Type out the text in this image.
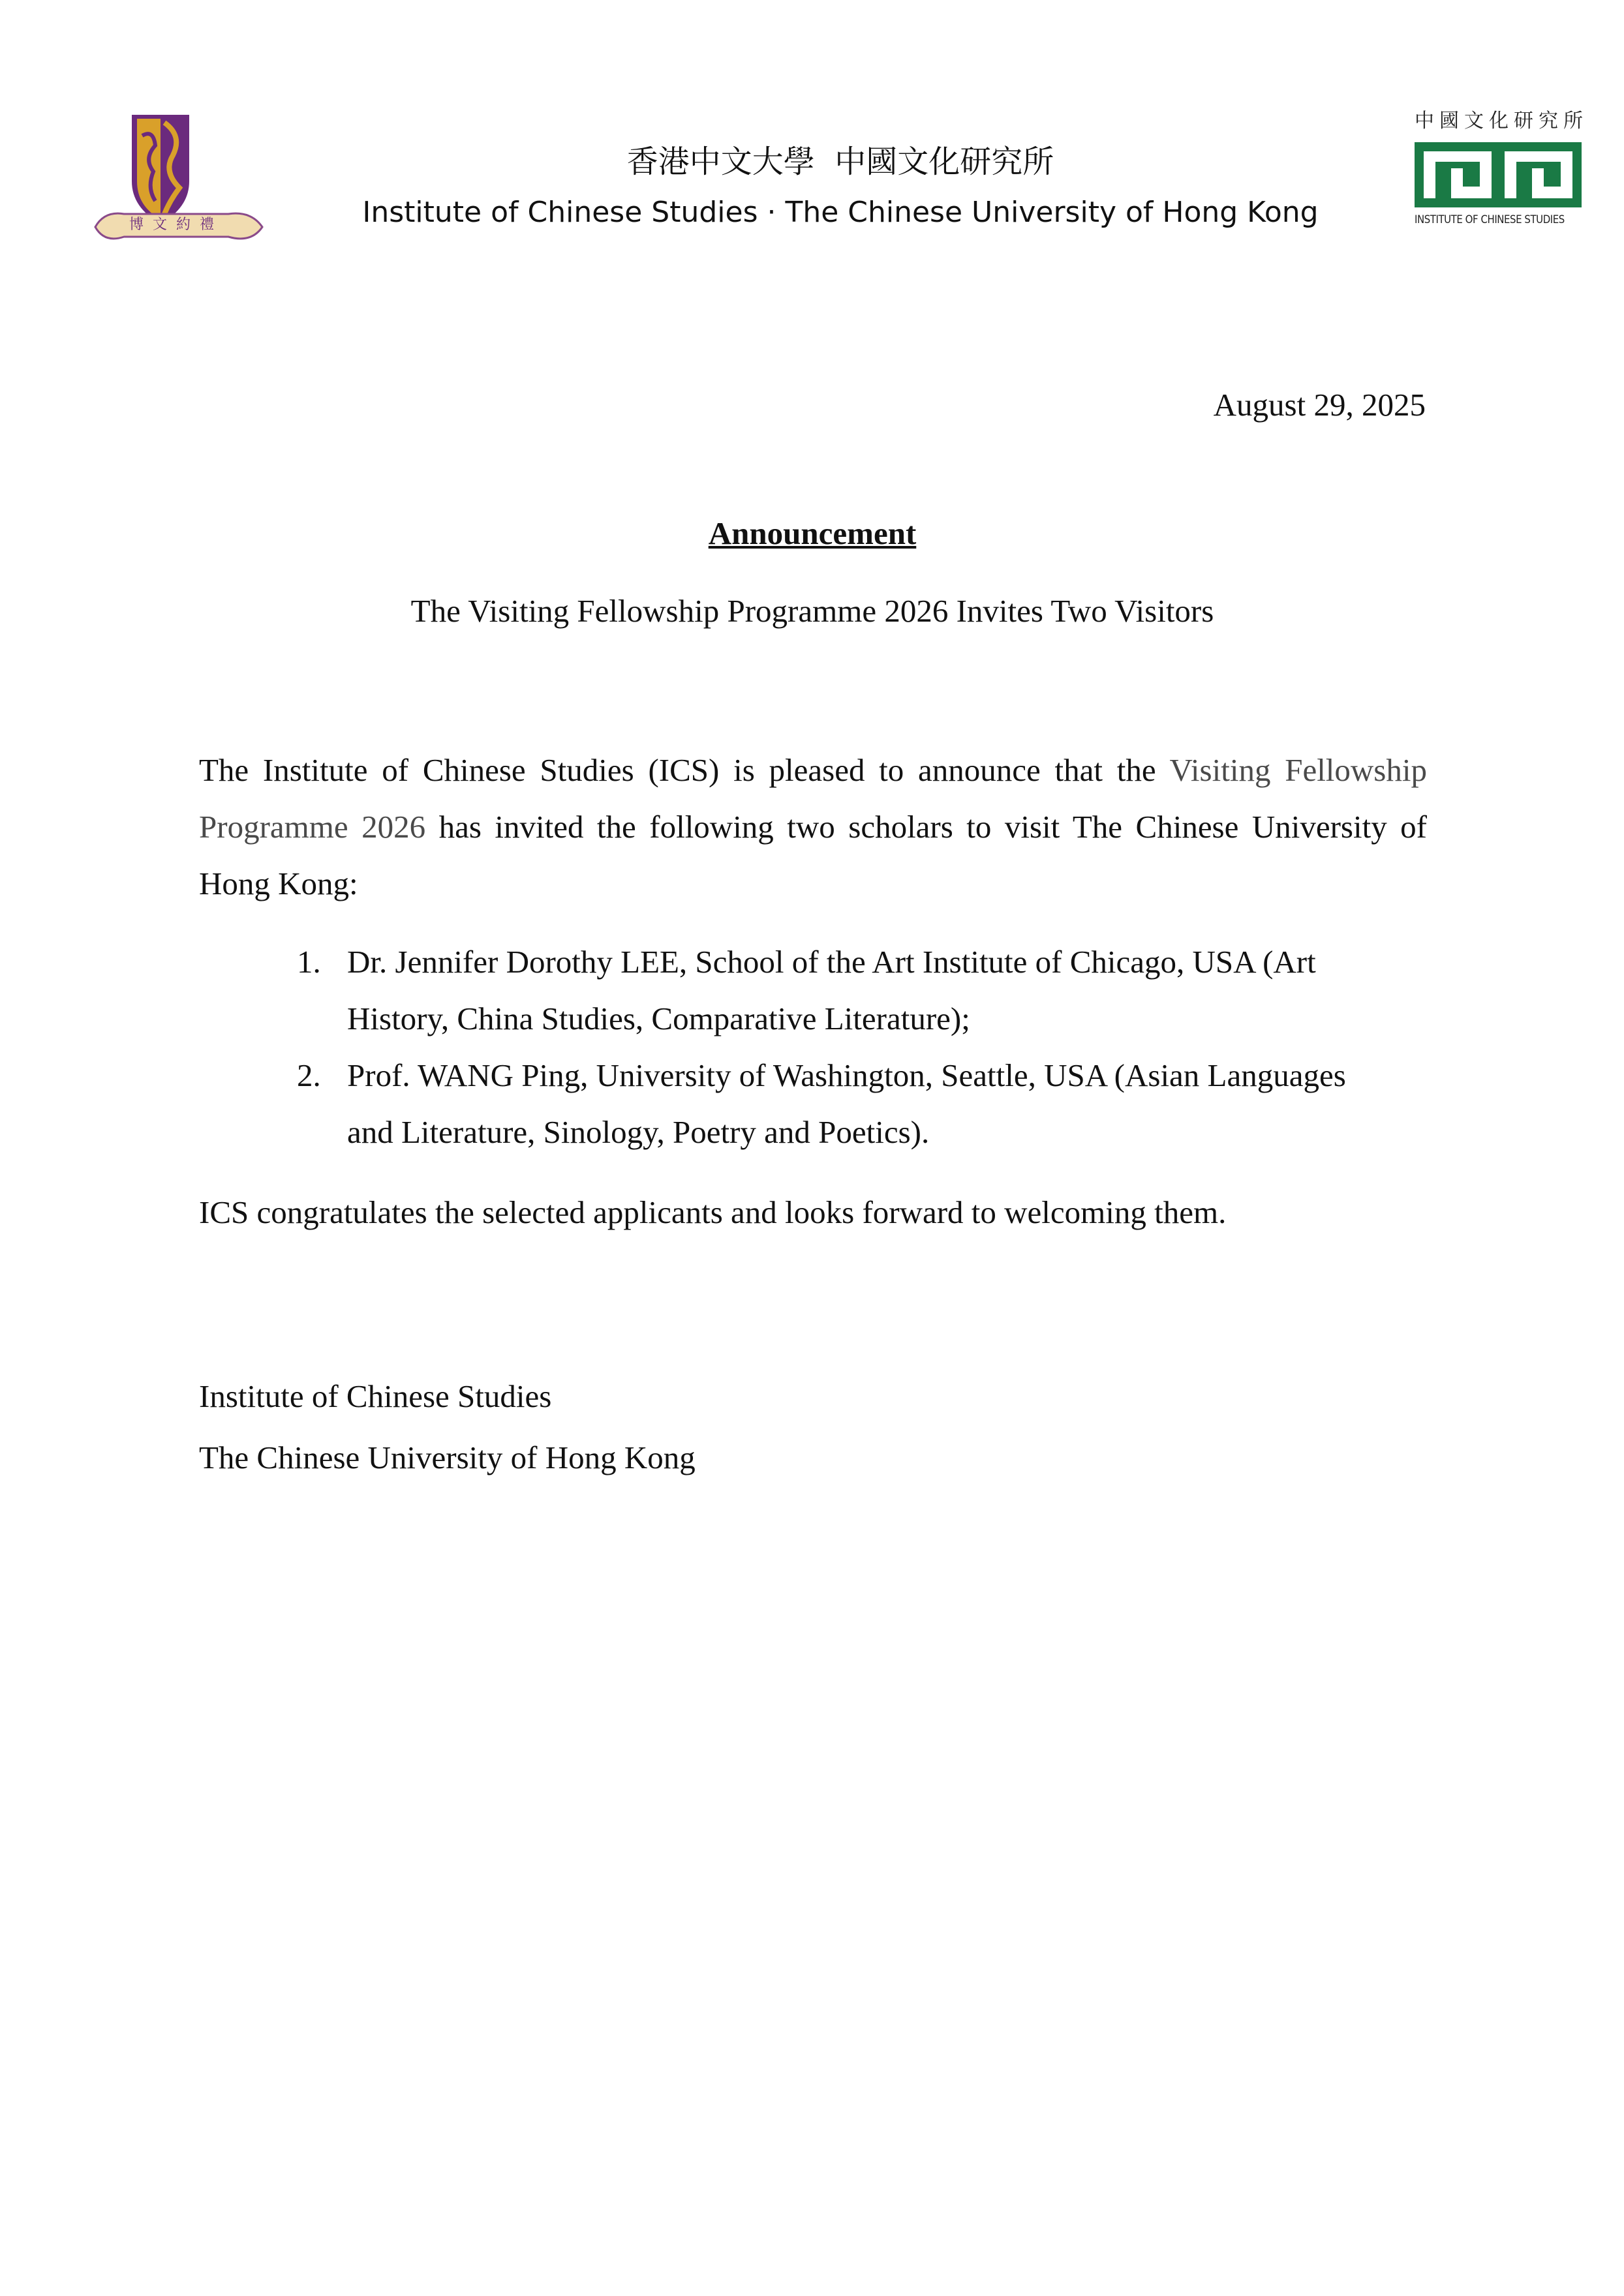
博文約禮
香港中文大學  中國文化研究所
Institute of Chinese Studies · The Chinese University of Hong Kong
中國文化研究所
INSTITUTE OF CHINESE STUDIES
August 29, 2025
Announcement
The Visiting Fellowship Programme 2026 Invites Two Visitors
The Institute of Chinese Studies (ICS) is pleased to announce that the Visiting Fellowship
Programme 2026 has invited the following two scholars to visit The Chinese University of
Hong Kong:
1. Dr. Jennifer Dorothy LEE, School of the Art Institute of Chicago, USA (Art
History, China Studies, Comparative Literature);
2. Prof. WANG Ping, University of Washington, Seattle, USA (Asian Languages
and Literature, Sinology, Poetry and Poetics).
ICS congratulates the selected applicants and looks forward to welcoming them.
Institute of Chinese Studies
The Chinese University of Hong Kong
